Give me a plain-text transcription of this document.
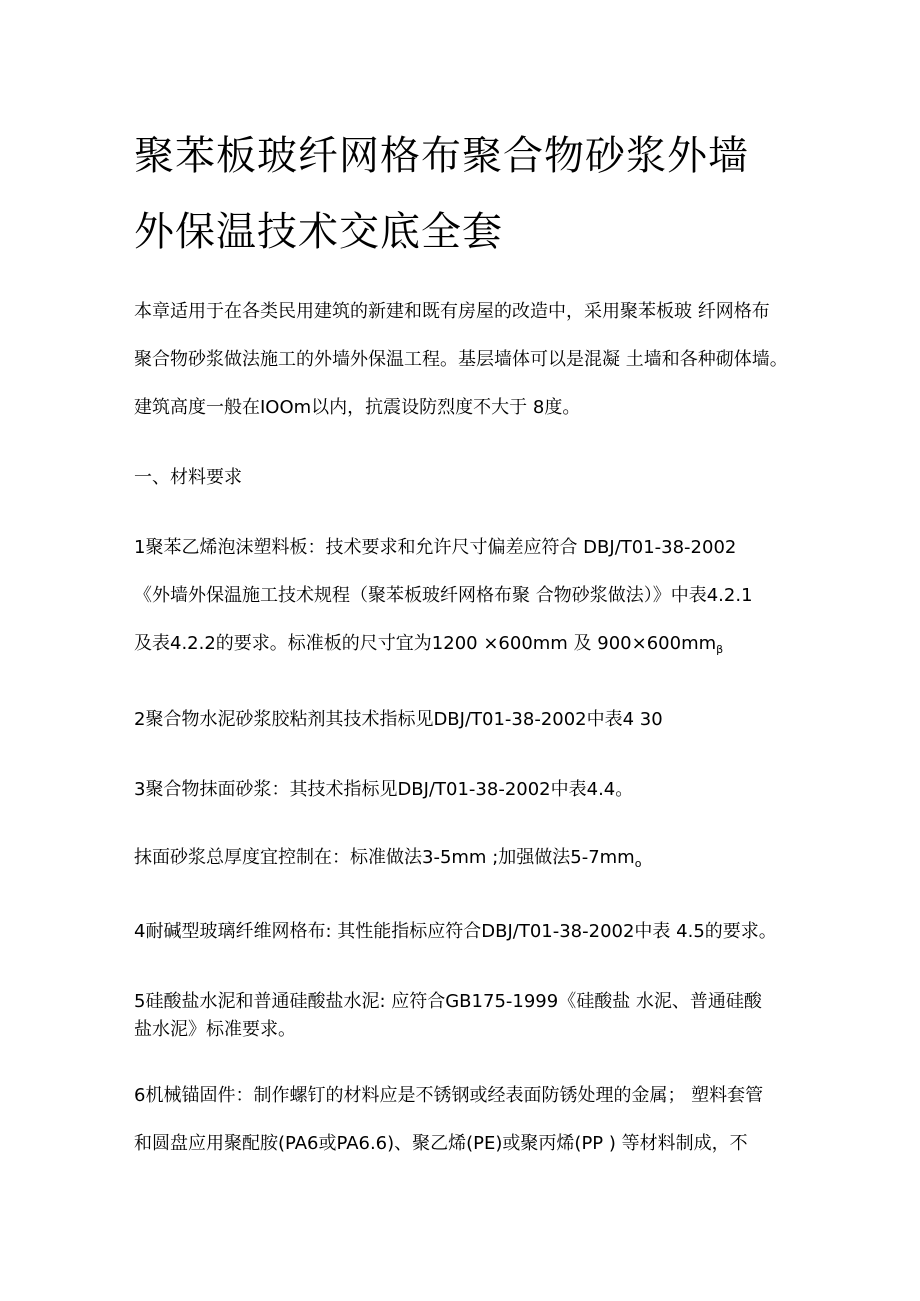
聚苯板玻纤网格布聚合物砂浆外墙
外保温技术交底全套
本章适用于在各类民用建筑的新建和既有房屋的改造中，采用聚苯板玻 纤网格布
聚合物砂浆做法施工的外墙外保温工程。基层墙体可以是混凝 土墙和各种砌体墙。
建筑高度一般在IOOm以内，抗震设防烈度不大于 8度。
一、材料要求
1聚苯乙烯泡沫塑料板：技术要求和允许尺寸偏差应符合 DBJ/T01-38-2002
《外墙外保温施工技术规程（聚苯板玻纤网格布聚 合物砂浆做法）》中表4.2.1
及表4.2.2的要求。标准板的尺寸宜为1200 ×600mm 及 $900\times 600mm_\beta$
2聚合物水泥砂浆胶粘剂其技术指标见DBJ/T01-38-2002中表4 30
3聚合物抹面砂浆：其技术指标见DBJ/T01-38-2002中表4.4。
抹面砂浆总厚度宜控制在：标准做法3-5mm ;加强做法$5-7mm_o$
4耐碱型玻璃纤维网格布: 其性能指标应符合DBJ/T01-38-2002中表 4.5的要求。
5硅酸盐水泥和普通硅酸盐水泥: 应符合GB175-1999《硅酸盐 水泥、普通硅酸
盐水泥》标准要求。
6机械锚固件：制作螺钉的材料应是不锈钢或经表面防锈处理的金属； 塑料套管
和圆盘应用聚配胺(PA6或PA6.6)、聚乙烯(PE)或聚丙烯(PP ) 等材料制成，不
